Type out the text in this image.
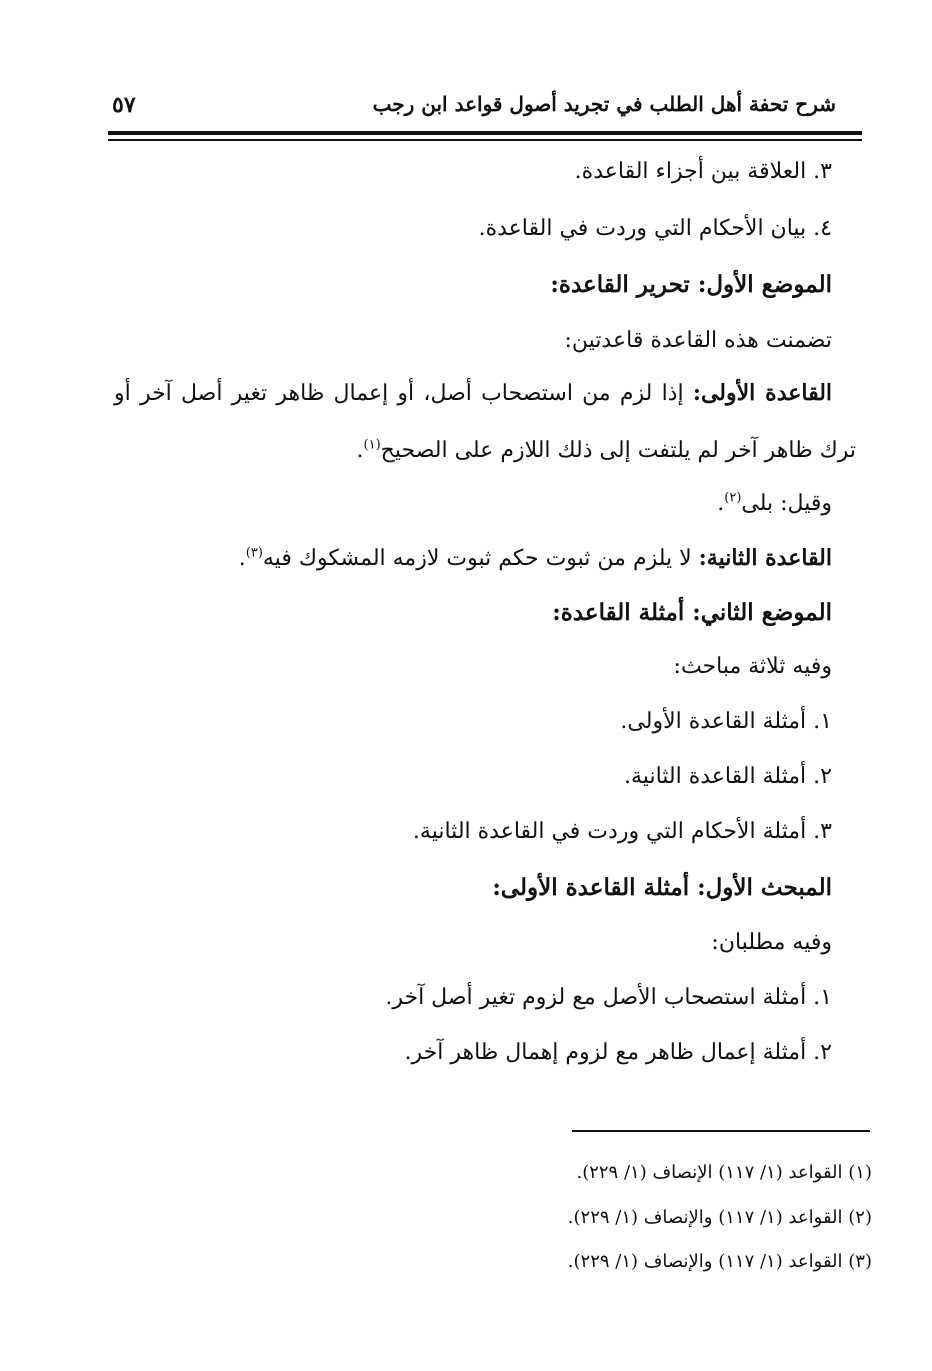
شرح تحفة أهل الطلب في تجريد أصول قواعد ابن رجب
٥٧
٣. العلاقة بين أجزاء القاعدة.
٤. بيان الأحكام التي وردت في القاعدة.
الموضع الأول: تحرير القاعدة:
تضمنت هذه القاعدة قاعدتين:
القاعدة الأولى: إذا لزم من استصحاب أصل، أو إعمال ظاهر تغير أصل آخر أو
ترك ظاهر آخر لم يلتفت إلى ذلك اللازم على الصحيح$^{(١)}$.
وقيل: بلى$^{(٢)}$.
القاعدة الثانية: لا يلزم من ثبوت حكم ثبوت لازمه المشكوك فيه$^{(٣)}$.
الموضع الثاني: أمثلة القاعدة:
وفيه ثلاثة مباحث:
١. أمثلة القاعدة الأولى.
٢. أمثلة القاعدة الثانية.
٣. أمثلة الأحكام التي وردت في القاعدة الثانية.
المبحث الأول: أمثلة القاعدة الأولى:
وفيه مطلبان:
١. أمثلة استصحاب الأصل مع لزوم تغير أصل آخر.
٢. أمثلة إعمال ظاهر مع لزوم إهمال ظاهر آخر.
(١) القواعد (١/ ١١٧) الإنصاف (١/ ٢٢٩).
(٢) القواعد (١/ ١١٧) والإنصاف (١/ ٢٢٩).
(٣) القواعد (١/ ١١٧) والإنصاف (١/ ٢٢٩).
